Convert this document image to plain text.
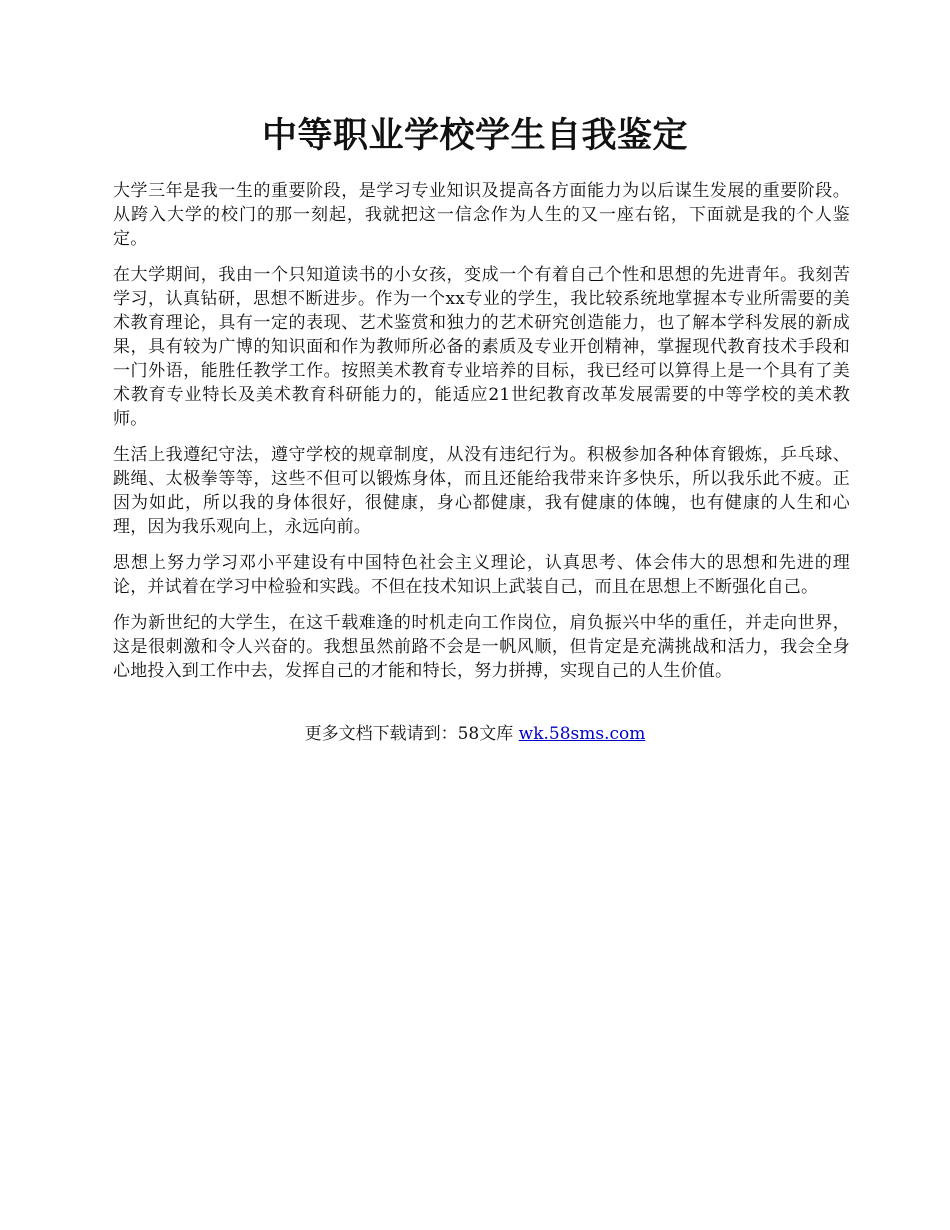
中等职业学校学生自我鉴定

大学三年是我一生的重要阶段，是学习专业知识及提高各方面能力为以后谋生发展的重要阶段。从跨入大学的校门的那一刻起，我就把这一信念作为人生的又一座右铭，下面就是我的个人鉴定。

在大学期间，我由一个只知道读书的小女孩，变成一个有着自己个性和思想的先进青年。我刻苦学习，认真钻研，思想不断进步。作为一个xx专业的学生，我比较系统地掌握本专业所需要的美术教育理论，具有一定的表现、艺术鉴赏和独力的艺术研究创造能力，也了解本学科发展的新成果，具有较为广博的知识面和作为教师所必备的素质及专业开创精神，掌握现代教育技术手段和一门外语，能胜任教学工作。按照美术教育专业培养的目标，我已经可以算得上是一个具有了美术教育专业特长及美术教育科研能力的，能适应21世纪教育改革发展需要的中等学校的美术教师。

生活上我遵纪守法，遵守学校的规章制度，从没有违纪行为。积极参加各种体育锻炼，乒乓球、跳绳、太极拳等等，这些不但可以锻炼身体，而且还能给我带来许多快乐，所以我乐此不疲。正因为如此，所以我的身体很好，很健康，身心都健康，我有健康的体魄，也有健康的人生和心理，因为我乐观向上，永远向前。

思想上努力学习邓小平建设有中国特色社会主义理论，认真思考、体会伟大的思想和先进的理论，并试着在学习中检验和实践。不但在技术知识上武装自己，而且在思想上不断强化自己。

作为新世纪的大学生，在这千载难逢的时机走向工作岗位，肩负振兴中华的重任，并走向世界，这是很刺激和令人兴奋的。我想虽然前路不会是一帆风顺，但肯定是充满挑战和活力，我会全身心地投入到工作中去，发挥自己的才能和特长，努力拼搏，实现自己的人生价值。

更多文档下载请到：58文库 wk.58sms.com
